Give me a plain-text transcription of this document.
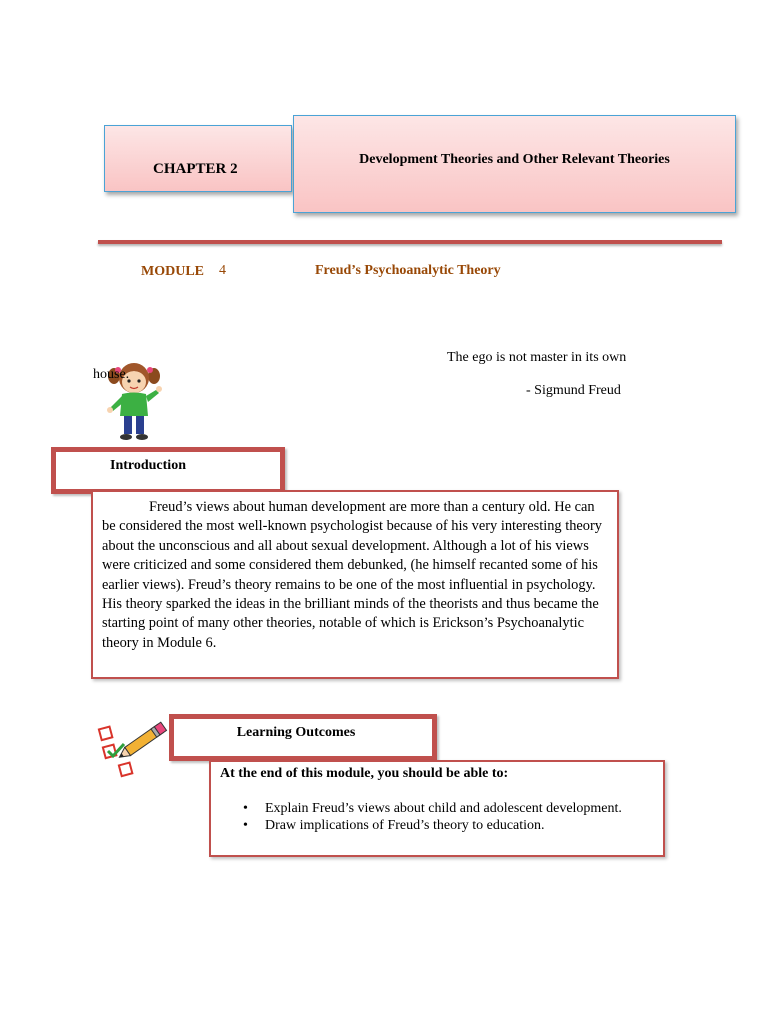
CHAPTER 2
Development Theories and Other Relevant Theories
MODULE 4	Freud’s Psychoanalytic Theory
The ego is not master in its own
house.
- Sigmund Freud
Introduction
Freud’s views about human development are more than a century old. He can be considered the most well-known psychologist because of his very interesting theory about the unconscious and all about sexual development. Although a lot of his views were criticized and some considered them debunked, (he himself recanted some of his earlier views). Freud’s theory remains to be one of the most influential in psychology. His theory sparked the ideas in the brilliant minds of the theorists and thus became the starting point of many other theories, notable of which is Erickson’s Psychoanalytic theory in Module 6.
Learning Outcomes
At the end of this module, you should be able to:
• Explain Freud’s views about child and adolescent development.
• Draw implications of Freud’s theory to education.
